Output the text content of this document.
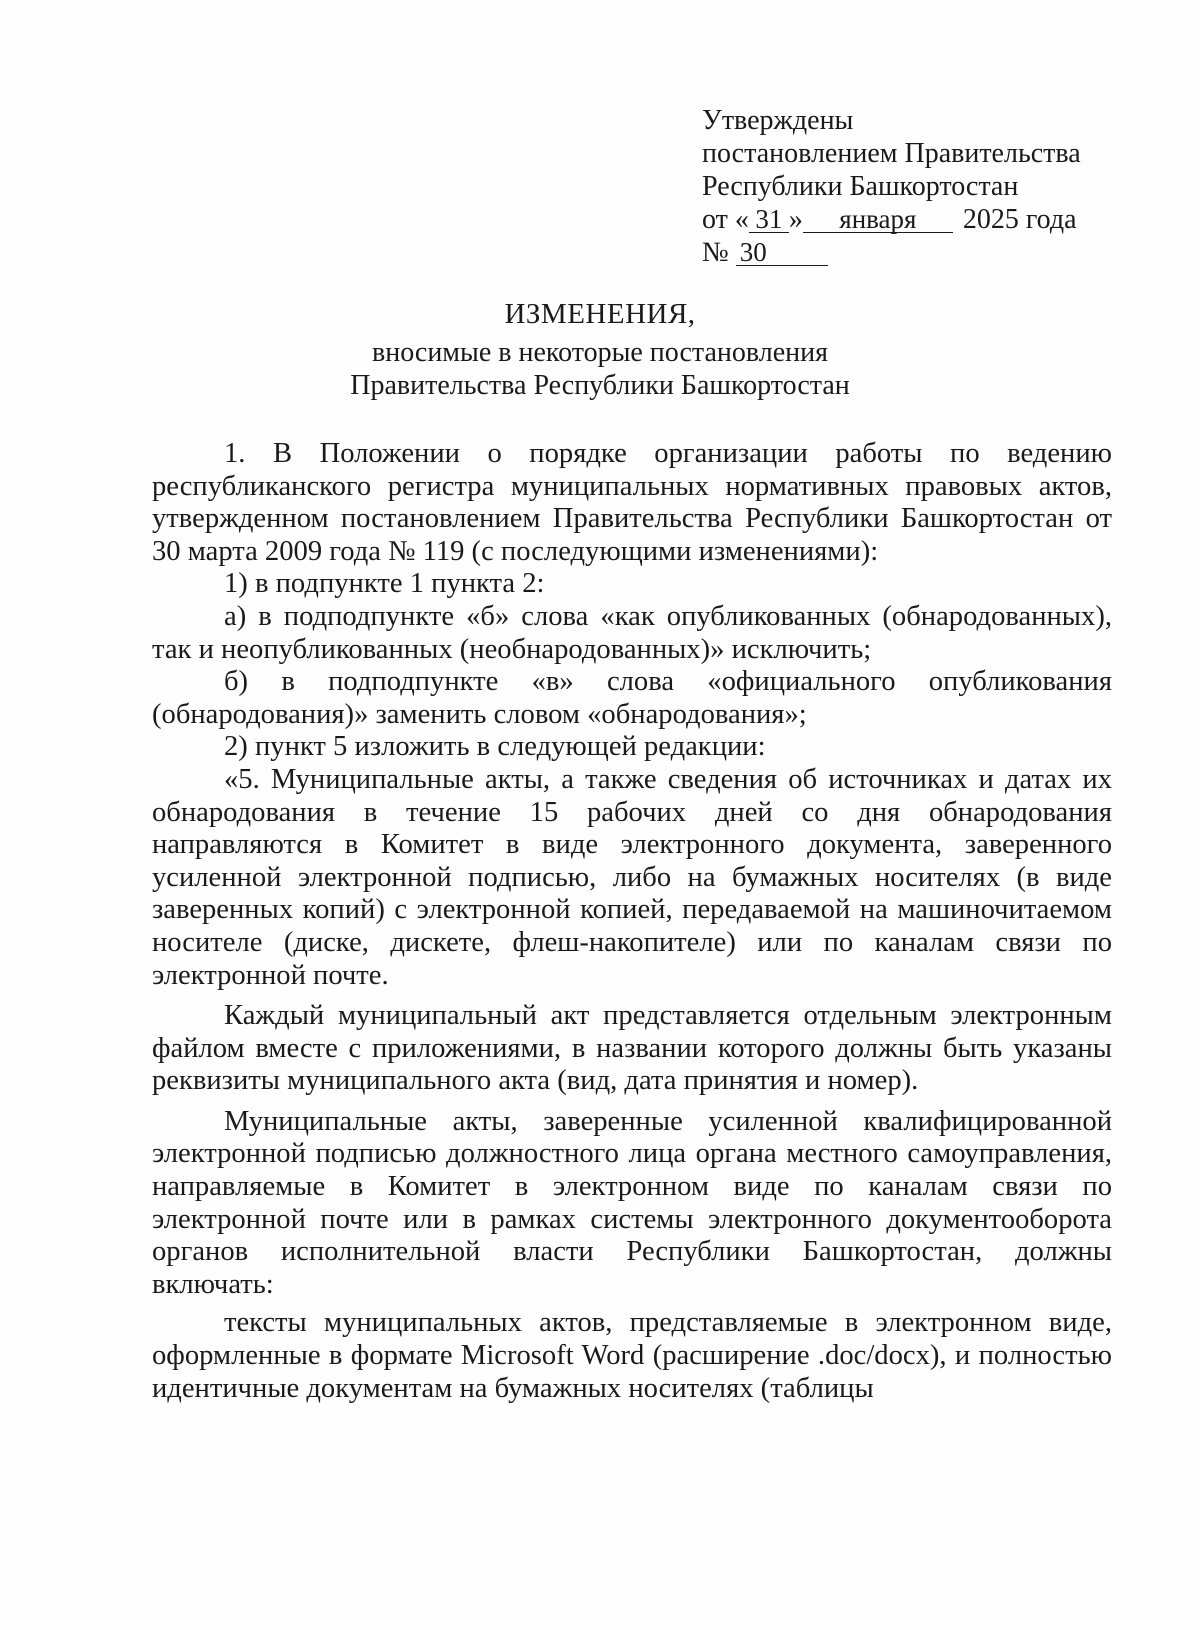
Утверждены
постановлением Правительства
Республики Башкортостан
от « 31 » января 2025 года
№ 30
ИЗМЕНЕНИЯ,
вносимые в некоторые постановления
Правительства Республики Башкортостан

1. В Положении о порядке организации работы по ведению республиканского регистра муниципальных нормативных правовых актов, утвержденном постановлением Правительства Республики Башкортостан от 30 марта 2009 года № 119 (с последующими изменениями):

1) в подпункте 1 пункта 2:

а) в подподпункте «б» слова «как опубликованных (обнародованных), так и неопубликованных (необнародованных)» исключить;

б) в подподпункте «в» слова «официального опубликования (обнародования)» заменить словом «обнародования»;

2) пункт 5 изложить в следующей редакции:

«5. Муниципальные акты, а также сведения об источниках и датах их обнародования в течение 15 рабочих дней со дня обнародования направляются в Комитет в виде электронного документа, заверенного усиленной электронной подписью, либо на бумажных носителях (в виде заверенных копий) с электронной копией, передаваемой на машиночитаемом носителе (диске, дискете, флеш-накопителе) или по каналам связи по электронной почте.

Каждый муниципальный акт представляется отдельным электронным файлом вместе с приложениями, в названии которого должны быть указаны реквизиты муниципального акта (вид, дата принятия и номер).

Муниципальные акты, заверенные усиленной квалифицированной электронной подписью должностного лица органа местного самоуправления, направляемые в Комитет в электронном виде по каналам связи по электронной почте или в рамках системы электронного документооборота органов исполнительной власти Республики Башкортостан, должны включать:

тексты муниципальных актов, представляемые в электронном виде, оформленные в формате Microsoft Word (расширение .doc/docx), и полностью идентичные документам на бумажных носителях (таблицы
